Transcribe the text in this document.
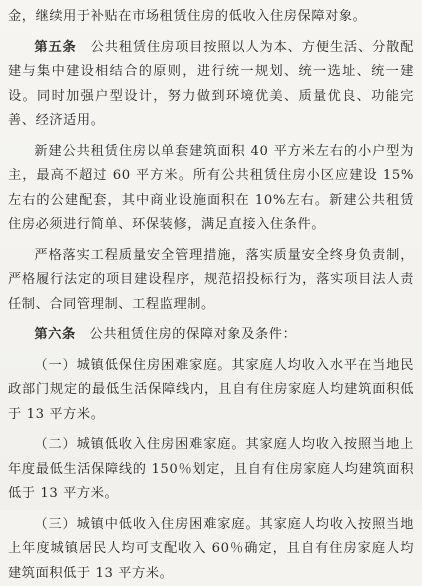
金，继续用于补贴在市场租赁住房的低收入住房保障对象。

第五条　公共租赁住房项目按照以人为本、方便生活、分散配建与集中建设相结合的原则，进行统一规划、统一选址、统一建设。同时加强户型设计，努力做到环境优美、质量优良、功能完善、经济适用。

新建公共租赁住房以单套建筑面积 40 平方米左右的小户型为主，最高不超过 60 平方米。所有公共租赁住房小区应建设 15%左右的公建配套，其中商业设施面积在 10%左右。新建公共租赁住房必须进行简单、环保装修，满足直接入住条件。

严格落实工程质量安全管理措施，落实质量安全终身负责制，严格履行法定的项目建设程序，规范招投标行为，落实项目法人责任制、合同管理制、工程监理制。

第六条　公共租赁住房的保障对象及条件：

（一）城镇低保住房困难家庭。其家庭人均收入水平在当地民政部门规定的最低生活保障线内，且自有住房家庭人均建筑面积低于 13 平方米。

（二）城镇低收入住房困难家庭。其家庭人均收入按照当地上年度最低生活保障线的 150％划定，且自有住房家庭人均建筑面积低于 13 平方米。

（三）城镇中低收入住房困难家庭。其家庭人均收入按照当地上年度城镇居民人均可支配收入 60％确定，且自有住房家庭人均建筑面积低于 13 平方米。
